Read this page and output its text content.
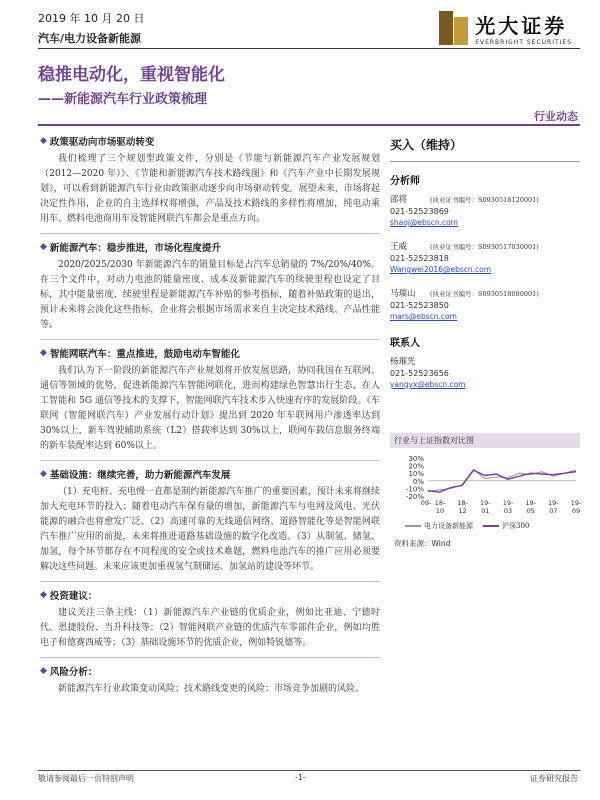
2019 年 10 月 20 日
汽车/电力设备新能源
光大证券
EVERBRIGHT SECURITIES
稳推电动化，重视智能化
——新能源汽车行业政策梳理
行业动态
◆ 政策驱动向市场驱动转变

我们梳理了三个规划型政策文件，分别是《节能与新能源汽车产业发展规划（2012—2020 年）》、《节能和新能源汽车技术路线图》和《汽车产业中长期发展规划》，可以看到新能源汽车行业由政策驱动逐步向市场驱动转变。展望未来，市场将起决定性作用，企业的自主选择权将增强，产品及技术路线的多样性将增加，纯电动乘用车、燃料电池商用车及智能网联汽车都会是重点方向。

◆ 新能源汽车：稳步推进，市场化程度提升

2020/2025/2030 年新能源汽车的销量目标是占汽车总销量的 7%/20%/40%。在三个文件中，对动力电池的能量密度、成本及新能源汽车的续驶里程也设定了目标，其中能量密度、续驶里程是新能源汽车补贴的参考指标，随着补贴政策的退出，预计未来将会淡化这些指标，企业将会根据市场需求来自主决定技术路线、产品性能等。

◆ 智能网联汽车：重点推进，鼓励电动车智能化

我们认为下一阶段的新能源汽车产业规划将开放发展思路，协同我国在互联网、通信等领域的优势，促进新能源汽车智能网联化，进而构建绿色智慧出行生态。在人工智能和 5G 通信等技术的支撑下，智能网联汽车技术步入快速有序的发展阶段。《车联网（智能网联汽车）产业发展行动计划》提出到 2020 年车联网用户渗透率达到 30%以上，新车驾驶辅助系统（L2）搭载率达到 30%以上，联网车载信息服务终端的新车装配率达到 60%以上。

◆ 基础设施：继续完善，助力新能源汽车发展

（1）充电桩、充电慢一直都是制约新能源汽车推广的重要因素，预计未来将继续加大充电环节的投入；随着电动汽车保有量的增加，新能源汽车与电网及风电、光伏能源的融合也将愈发广泛。（2）高速可靠的无线通信网络、道路智能化等是智能网联汽车推广应用的前提，未来将推进道路基础设施的数字化改造。（3）从制氢、储氢、加氢，每个环节都存在不同程度的安全或技术难题，燃料电池汽车的推广应用必须要解决这些问题。未来应该更加重视氢气制储运、加氢站的建设等环节。

◆ 投资建议：

建议关注三条主线：（1）新能源汽车产业链的优质企业，例如比亚迪、宁德时代、恩捷股份、当升科技等；（2）智能网联产业链的优质汽车零部件企业，例如均胜电子和德赛西威等；（3）基础设施环节的优质企业，例如特锐德等。

◆ 风险分析：

新能源汽车行业政策变动风险；技术路线变更的风险；市场竞争加剧的风险。

买入（维持）
分析师
邵将	(执业证书编号：S0930518120001)
021-52523869
shaoj@ebscn.com
王威	(执业证书编号：S0930517030001)
021-52523818
Wangwei2016@ebscn.com
马瑞山	(执业证书编号：S0930518080001)
021-52523850
mars@ebscn.com
联系人
杨璀先
021-52523656
yangyx@ebscn.com
行业与上证指数对比图
30%
20%
10%
0%
-10%
-20%
09- 18-
10
18-
12
19-
01
19-
03
19-
05
19-
07
19-
09
电力设备新能源	沪深300
资料来源：Wind
敬请参阅最后一页特别声明	-1-	证券研究报告
